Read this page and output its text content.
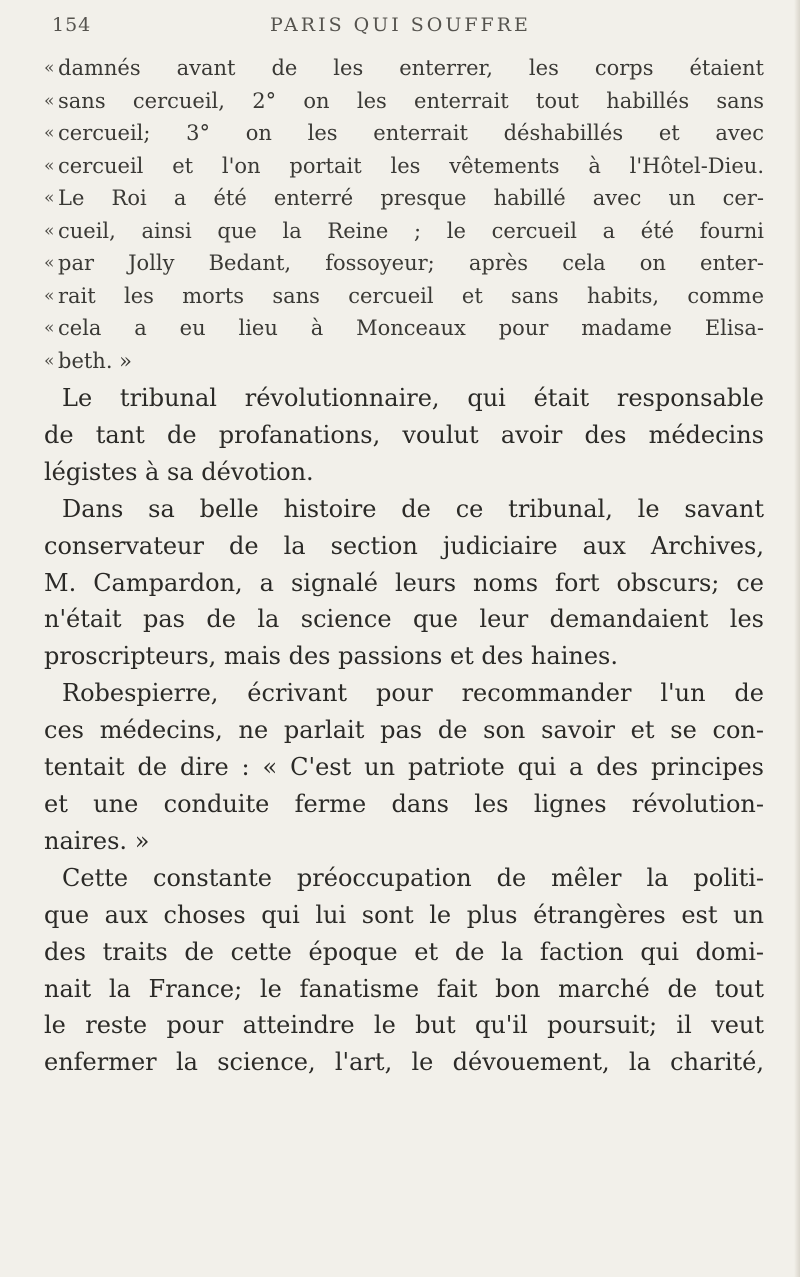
154	PARIS QUI SOUFFRE
« damnés avant de les enterrer, les corps étaient
« sans cercueil, 2° on les enterrait tout habillés sans
« cercueil; 3° on les enterrait déshabillés et avec
« cercueil et l'on portait les vêtements à l'Hôtel-Dieu.
« Le Roi a été enterré presque habillé avec un cer-
« cueil, ainsi que la Reine ; le cercueil a été fourni
« par Jolly Bedant, fossoyeur; après cela on enter-
« rait les morts sans cercueil et sans habits, comme
« cela a eu lieu à Monceaux pour madame Elisa-
« beth. »
Le tribunal révolutionnaire, qui était responsable
de tant de profanations, voulut avoir des médecins
légistes à sa dévotion.
Dans sa belle histoire de ce tribunal, le savant
conservateur de la section judiciaire aux Archives,
M. Campardon, a signalé leurs noms fort obscurs; ce
n'était pas de la science que leur demandaient les
proscripteurs, mais des passions et des haines.
Robespierre, écrivant pour recommander l'un de
ces médecins, ne parlait pas de son savoir et se con-
tentait de dire : « C'est un patriote qui a des principes
et une conduite ferme dans les lignes révolution-
naires. »
Cette constante préoccupation de mêler la politi-
que aux choses qui lui sont le plus étrangères est un
des traits de cette époque et de la faction qui domi-
nait la France; le fanatisme fait bon marché de tout
le reste pour atteindre le but qu'il poursuit; il veut
enfermer la science, l'art, le dévouement, la charité,
